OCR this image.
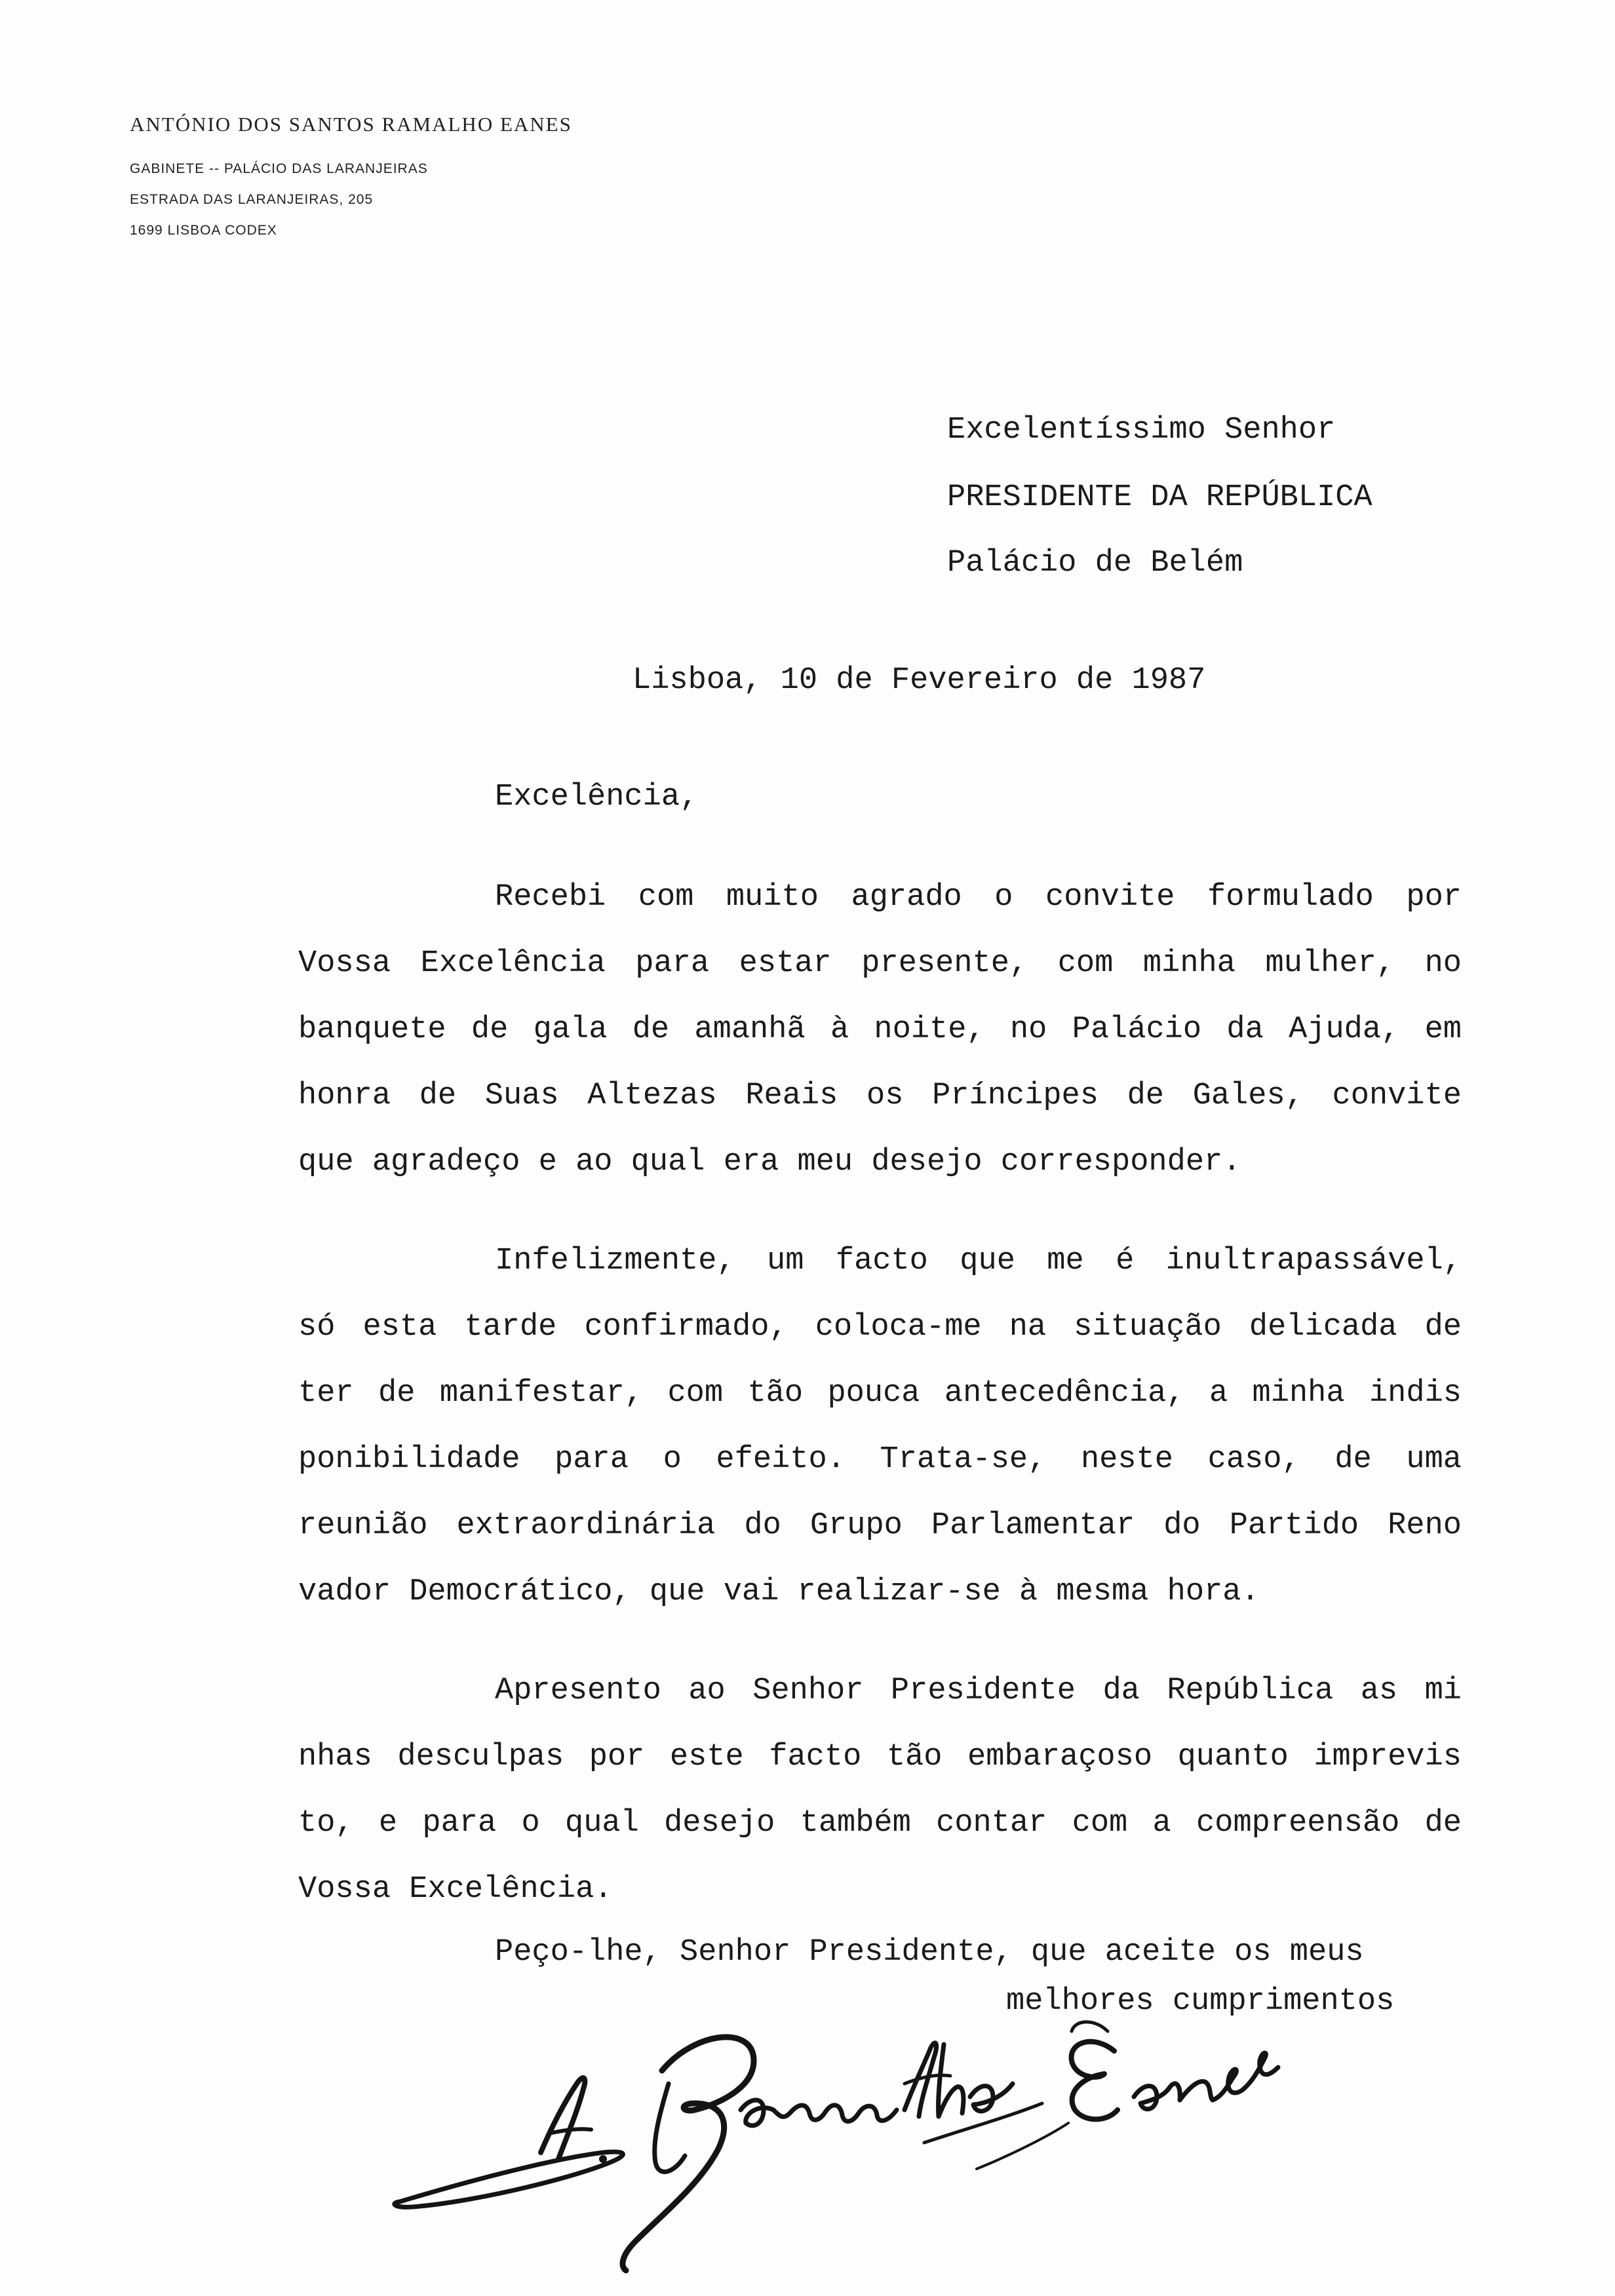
ANTÓNIO DOS SANTOS RAMALHO EANES
GABINETE -- PALÁCIO DAS LARANJEIRAS
ESTRADA DAS LARANJEIRAS, 205
1699 LISBOA CODEX
Excelentíssimo Senhor
PRESIDENTE DA REPÚBLICA
Palácio de Belém
Lisboa, 10 de Fevereiro de 1987
Excelência,
Recebi com muito agrado o convite formulado por
Vossa Excelência para estar presente, com minha mulher, no
banquete de gala de amanhã à noite, no Palácio da Ajuda, em
honra de Suas Altezas Reais os Príncipes de Gales, convite
que agradeço e ao qual era meu desejo corresponder.
Infelizmente, um facto que me é inultrapassável,
só esta tarde confirmado, coloca-me na situação delicada de
ter de manifestar, com tão pouca antecedência, a minha indis
ponibilidade para o efeito. Trata-se, neste caso, de uma
reunião extraordinária do Grupo Parlamentar do Partido Reno
vador Democrático, que vai realizar-se à mesma hora.
Apresento ao Senhor Presidente da República as mi
nhas desculpas por este facto tão embaraçoso quanto imprevis
to, e para o qual desejo também contar com a compreensão de
Vossa Excelência.
Peço-lhe, Senhor Presidente, que aceite os meus
melhores cumprimentos
